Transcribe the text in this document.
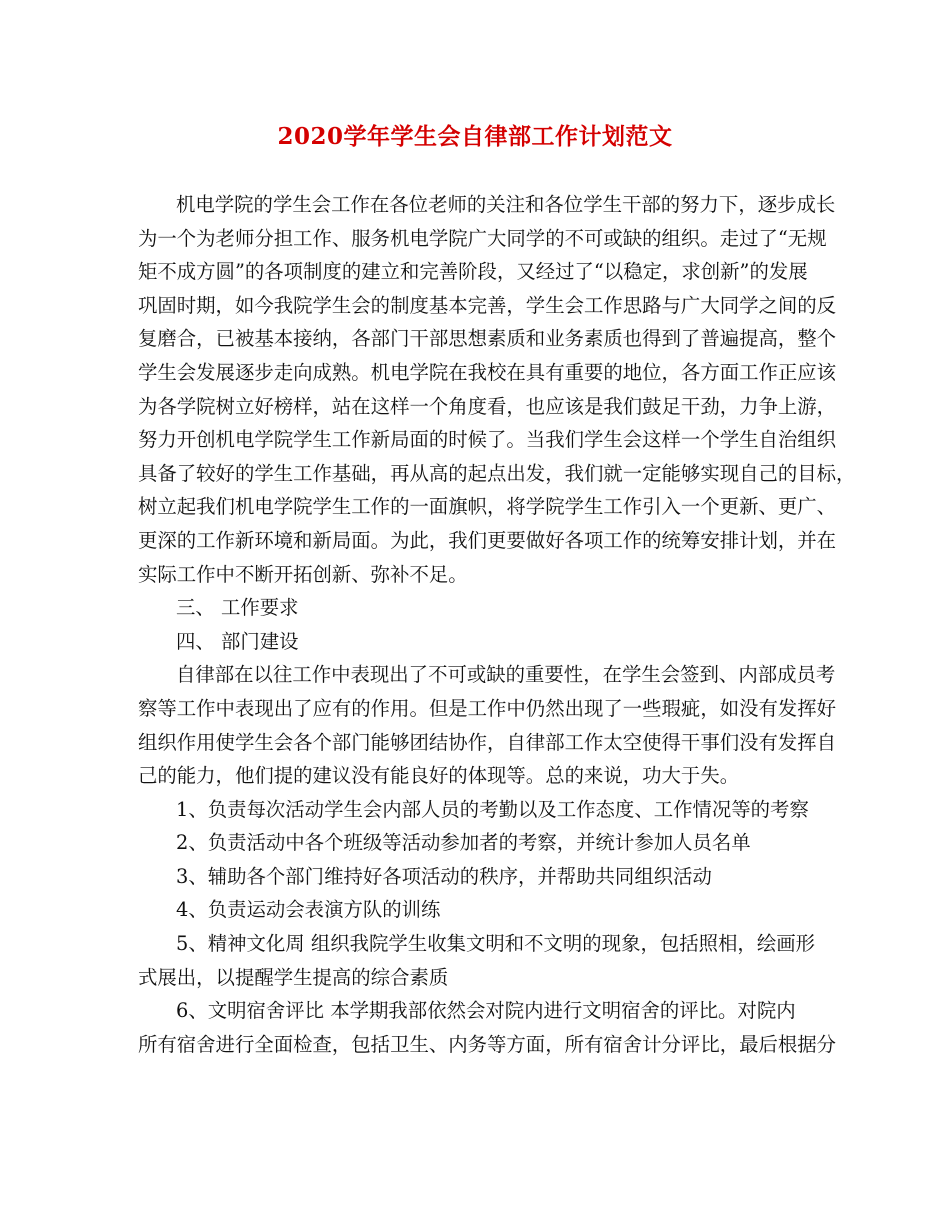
2020学年学生会自律部工作计划范文
机电学院的学生会工作在各位老师的关注和各位学生干部的努力下，逐步成长
为一个为老师分担工作、服务机电学院广大同学的不可或缺的组织。走过了“无规
矩不成方圆”的各项制度的建立和完善阶段，又经过了“以稳定，求创新”的发展
巩固时期，如今我院学生会的制度基本完善，学生会工作思路与广大同学之间的反
复磨合，已被基本接纳，各部门干部思想素质和业务素质也得到了普遍提高，整个
学生会发展逐步走向成熟。机电学院在我校在具有重要的地位，各方面工作正应该
为各学院树立好榜样，站在这样一个角度看，也应该是我们鼓足干劲，力争上游，
努力开创机电学院学生工作新局面的时候了。当我们学生会这样一个学生自治组织
具备了较好的学生工作基础，再从高的起点出发，我们就一定能够实现自己的目标，
树立起我们机电学院学生工作的一面旗帜，将学院学生工作引入一个更新、更广、
更深的工作新环境和新局面。为此，我们更要做好各项工作的统筹安排计划，并在
实际工作中不断开拓创新、弥补不足。
三、 工作要求
四、 部门建设
自律部在以往工作中表现出了不可或缺的重要性，在学生会签到、内部成员考
察等工作中表现出了应有的作用。但是工作中仍然出现了一些瑕疵，如没有发挥好
组织作用使学生会各个部门能够团结协作，自律部工作太空使得干事们没有发挥自
己的能力，他们提的建议没有能良好的体现等。总的来说，功大于失。
1、负责每次活动学生会内部人员的考勤以及工作态度、工作情况等的考察
2、负责活动中各个班级等活动参加者的考察，并统计参加人员名单
3、辅助各个部门维持好各项活动的秩序，并帮助共同组织活动
4、负责运动会表演方队的训练
5、精神文化周 组织我院学生收集文明和不文明的现象，包括照相，绘画形
式展出，以提醒学生提高的综合素质
6、文明宿舍评比 本学期我部依然会对院内进行文明宿舍的评比。对院内
所有宿舍进行全面检查，包括卫生、内务等方面，所有宿舍计分评比，最后根据分
